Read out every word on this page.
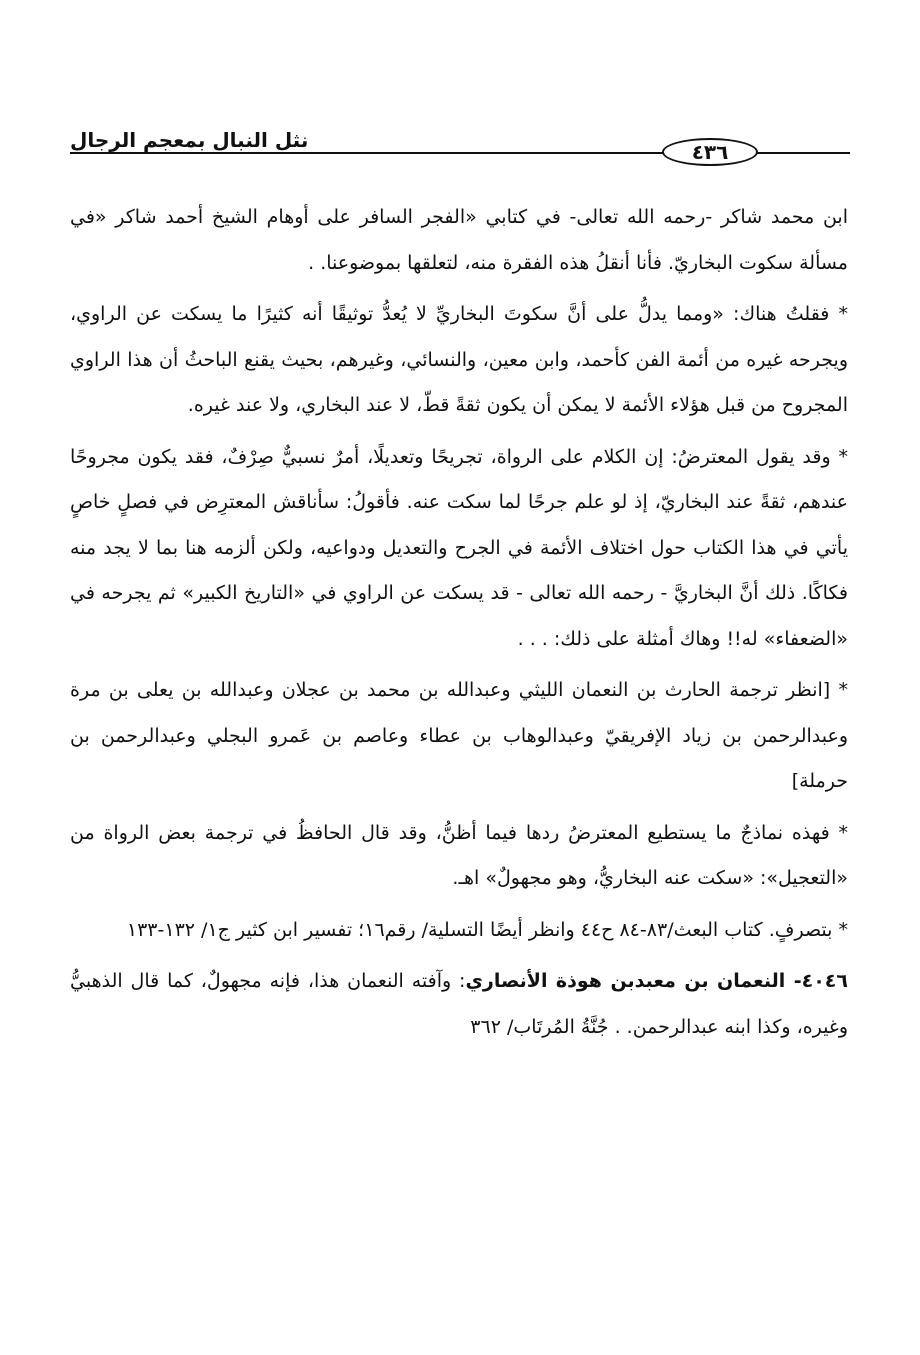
نثل النبال بمعجم الرجال	٤٣٦

ابن محمد شاكر -رحمه الله تعالى- في كتابي «الفجر السافر على أوهام الشيخ أحمد شاكر «في مسألة سكوت البخاريّ. فأنا أنقلُ هذه الفقرة منه، لتعلقها بموضوعنا. .

* فقلتُ هناك: «ومما يدلُّ على أنَّ سكوتَ البخاريِّ لا يُعدُّ توثيقًا أنه كثيرًا ما يسكت عن الراوي، ويجرحه غيره من أئمة الفن كأحمد، وابن معين، والنسائي، وغيرهم، بحيث يقنع الباحثُ أن هذا الراوي المجروح من قبل هؤلاء الأئمة لا يمكن أن يكون ثقةً قطّ، لا عند البخاري، ولا عند غيره.

* وقد يقول المعترضُ: إن الكلام على الرواة، تجريحًا وتعديلًا، أمرٌ نسبيٌّ صِرْفٌ، فقد يكون مجروحًا عندهم، ثقةً عند البخاريّ، إذ لو علم جرحًا لما سكت عنه. فأقولُ: سأناقش المعترِض في فصلٍ خاصٍ يأتي في هذا الكتاب حول اختلاف الأئمة في الجرح والتعديل ودواعيه، ولكن ألزمه هنا بما لا يجد منه فكاكًا. ذلك أنَّ البخاريَّ - رحمه الله تعالى - قد يسكت عن الراوي في «التاريخ الكبير» ثم يجرحه في «الضعفاء» له!! وهاك أمثلة على ذلك: . . .

* [انظر ترجمة الحارث بن النعمان الليثي وعبدالله بن محمد بن عجلان وعبدالله بن يعلى بن مرة وعبدالرحمن بن زياد الإفريقيّ وعبدالوهاب بن عطاء وعاصم بن عَمرو البجلي وعبدالرحمن بن حرملة]

* فهذه نماذجٌ ما يستطيع المعترضُ ردها فيما أظنُّ، وقد قال الحافظُ في ترجمة بعض الرواة من «التعجيل»: «سكت عنه البخاريُّ، وهو مجهولٌ» اهـ.

* بتصرفٍ. كتاب البعث/٨٣-٨٤ ح٤٤ وانظر أيضًا التسلية/ رقم١٦؛ تفسير ابن كثير ج١/ ١٣٢-١٣٣

٤٠٤٦- النعمان بن معبدبن هوذة الأنصاري: وآفته النعمان هذا، فإنه مجهولٌ، كما قال الذهبيُّ وغيره، وكذا ابنه عبدالرحمن. . جُنَّةُ المُرتَاب/ ٣٦٢
